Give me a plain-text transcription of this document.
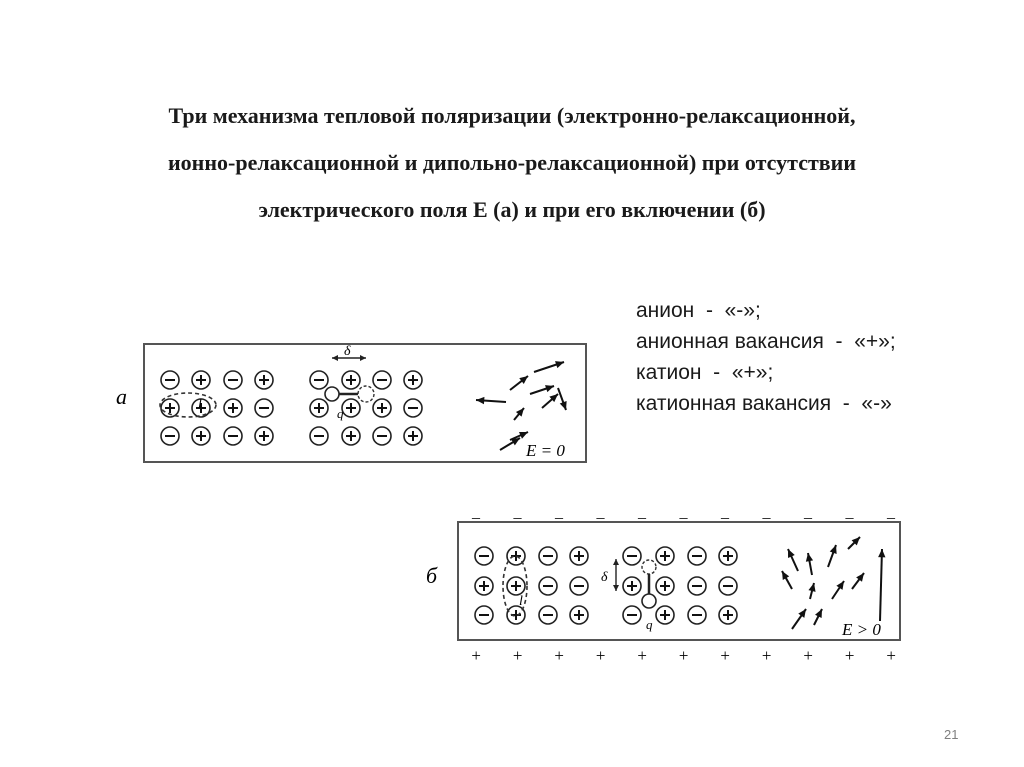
Три механизма тепловой поляризации (электронно-релаксационной,
ионно-релаксационной и дипольно-релаксационной) при отсутствии
электрического поля E (а) и при его включении (б)
анион  -  «-»;
анионная вакансия  -  «+»;
катион  -  «+»;
катионная вакансия  -  «-»
a	l
δ
q
E = 0
б
_ _ _ _ _ _ _ _ _ _ _
+ + + + + + + + + + +
l
δ
q	E > 0
21
